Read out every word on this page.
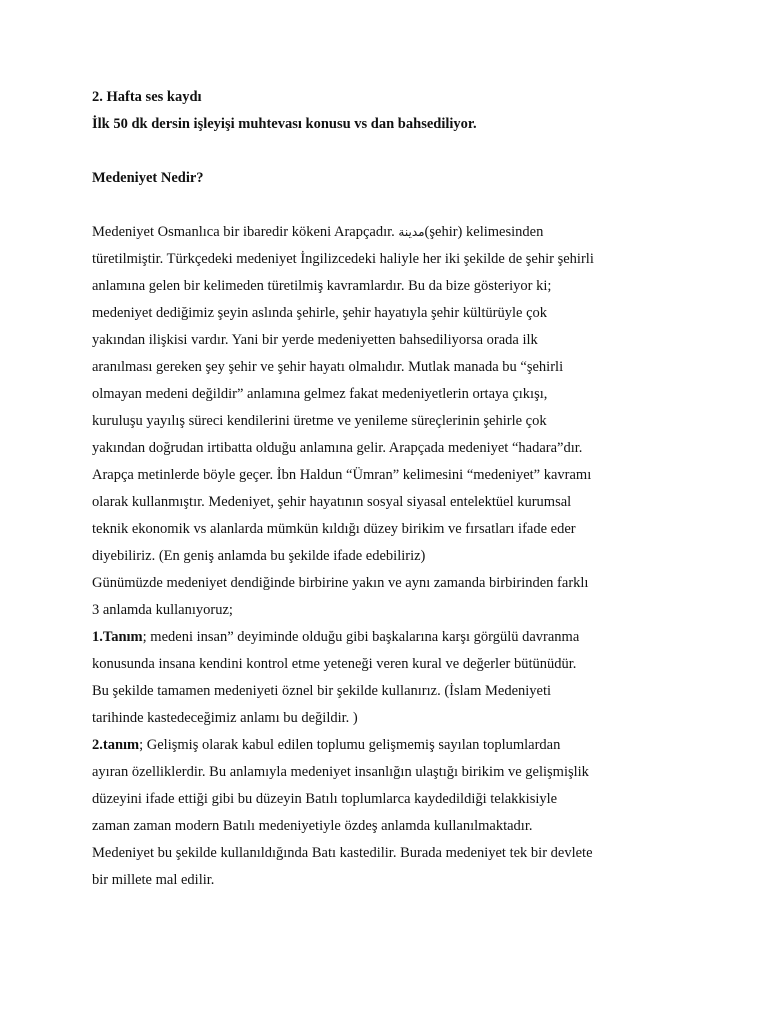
2. Hafta ses kaydı

İlk 50 dk dersin işleyişi muhtevası konusu vs dan bahsediliyor.

Medeniyet Nedir?

Medeniyet Osmanlıca bir ibaredir kökeni Arapçadır. مدينة(şehir) kelimesinden

türetilmiştir. Türkçedeki medeniyet İngilizcedeki haliyle her iki şekilde de şehir şehirli

anlamına gelen bir kelimeden türetilmiş kavramlardır. Bu da bize gösteriyor ki;

medeniyet dediğimiz şeyin aslında şehirle, şehir hayatıyla şehir kültürüyle çok

yakından ilişkisi vardır. Yani bir yerde medeniyetten bahsediliyorsa orada ilk

aranılması gereken şey şehir ve şehir hayatı olmalıdır. Mutlak manada bu “şehirli

olmayan medeni değildir” anlamına gelmez fakat medeniyetlerin ortaya çıkışı,

kuruluşu yayılış süreci kendilerini üretme ve yenileme süreçlerinin şehirle çok

yakından doğrudan irtibatta olduğu anlamına gelir. Arapçada medeniyet “hadara”dır.

Arapça metinlerde böyle geçer. İbn Haldun “Ümran” kelimesini “medeniyet” kavramı

olarak kullanmıştır. Medeniyet, şehir hayatının sosyal siyasal entelektüel kurumsal

teknik ekonomik vs alanlarda mümkün kıldığı düzey birikim ve fırsatları ifade eder

diyebiliriz. (En geniş anlamda bu şekilde ifade edebiliriz)

Günümüzde medeniyet dendiğinde birbirine yakın ve aynı zamanda birbirinden farklı

3 anlamda kullanıyoruz;

1.Tanım; medeni insan” deyiminde olduğu gibi başkalarına karşı görgülü davranma

konusunda insana kendini kontrol etme yeteneği veren kural ve değerler bütünüdür.

Bu şekilde tamamen medeniyeti öznel bir şekilde kullanırız. (İslam Medeniyeti

tarihinde kastedeceğimiz anlamı bu değildir. )

2.tanım; Gelişmiş olarak kabul edilen toplumu gelişmemiş sayılan toplumlardan

ayıran özelliklerdir. Bu anlamıyla medeniyet insanlığın ulaştığı birikim ve gelişmişlik

düzeyini ifade ettiği gibi bu düzeyin Batılı toplumlarca kaydedildiği telakkisiyle

zaman zaman modern Batılı medeniyetiyle özdeş anlamda kullanılmaktadır.

Medeniyet bu şekilde kullanıldığında Batı kastedilir. Burada medeniyet tek bir devlete

bir millete mal edilir.
